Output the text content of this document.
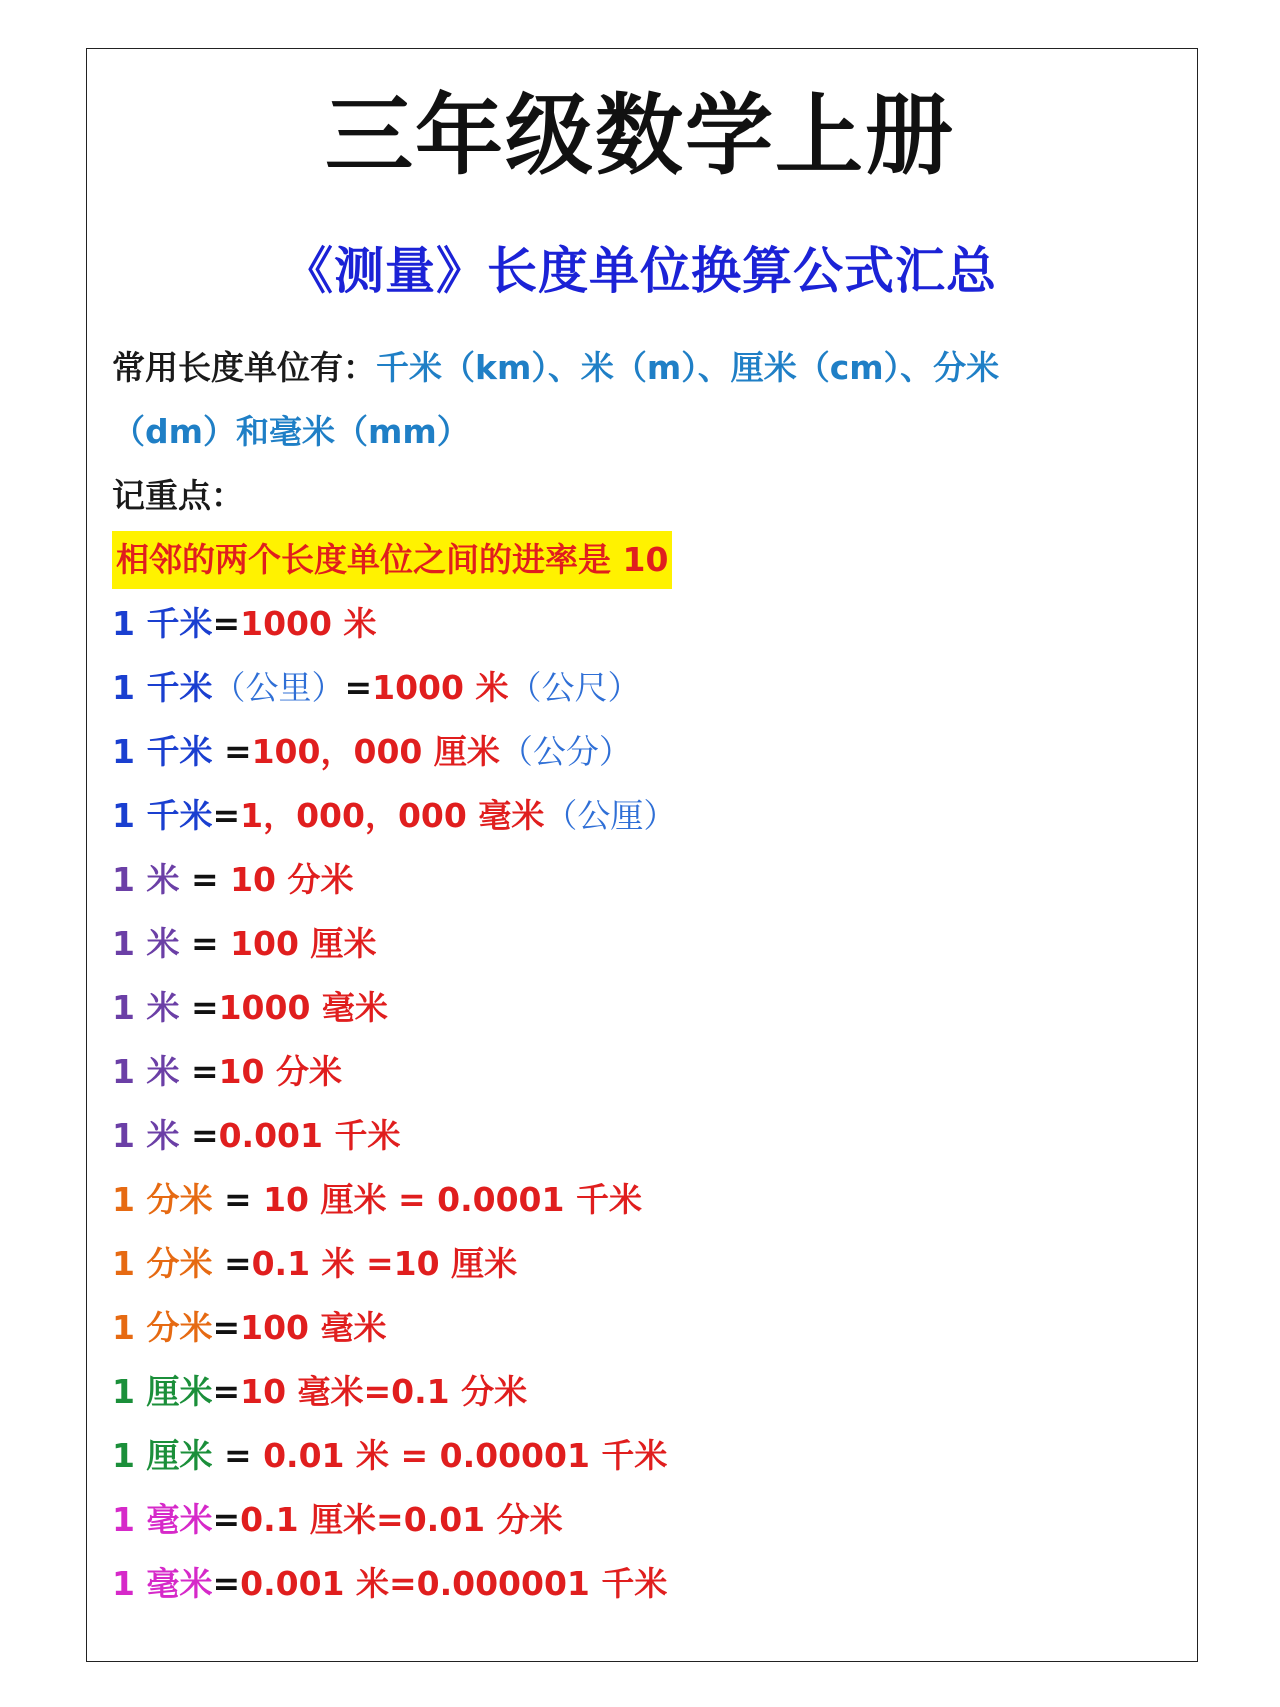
三年级数学上册
《测量》长度单位换算公式汇总
常用长度单位有：千米（km）、米（m）、厘米（cm）、分米
（dm）和毫米（mm）
记重点：
相邻的两个长度单位之间的进率是 10
1 千米=1000 米
1 千米（公里）=1000 米（公尺）
1 千米 =100，000 厘米（公分）
1 千米=1，000，000 毫米（公厘）
1 米 = 10 分米
1 米 = 100 厘米
1 米 =1000 毫米
1 米 =10 分米
1 米 =0.001 千米
1 分米 = 10 厘米 = 0.0001 千米
1 分米 =0.1 米 =10 厘米
1 分米=100 毫米
1 厘米=10 毫米=0.1 分米
1 厘米 = 0.01 米 = 0.00001 千米
1 毫米=0.1 厘米=0.01 分米
1 毫米=0.001 米=0.000001 千米
